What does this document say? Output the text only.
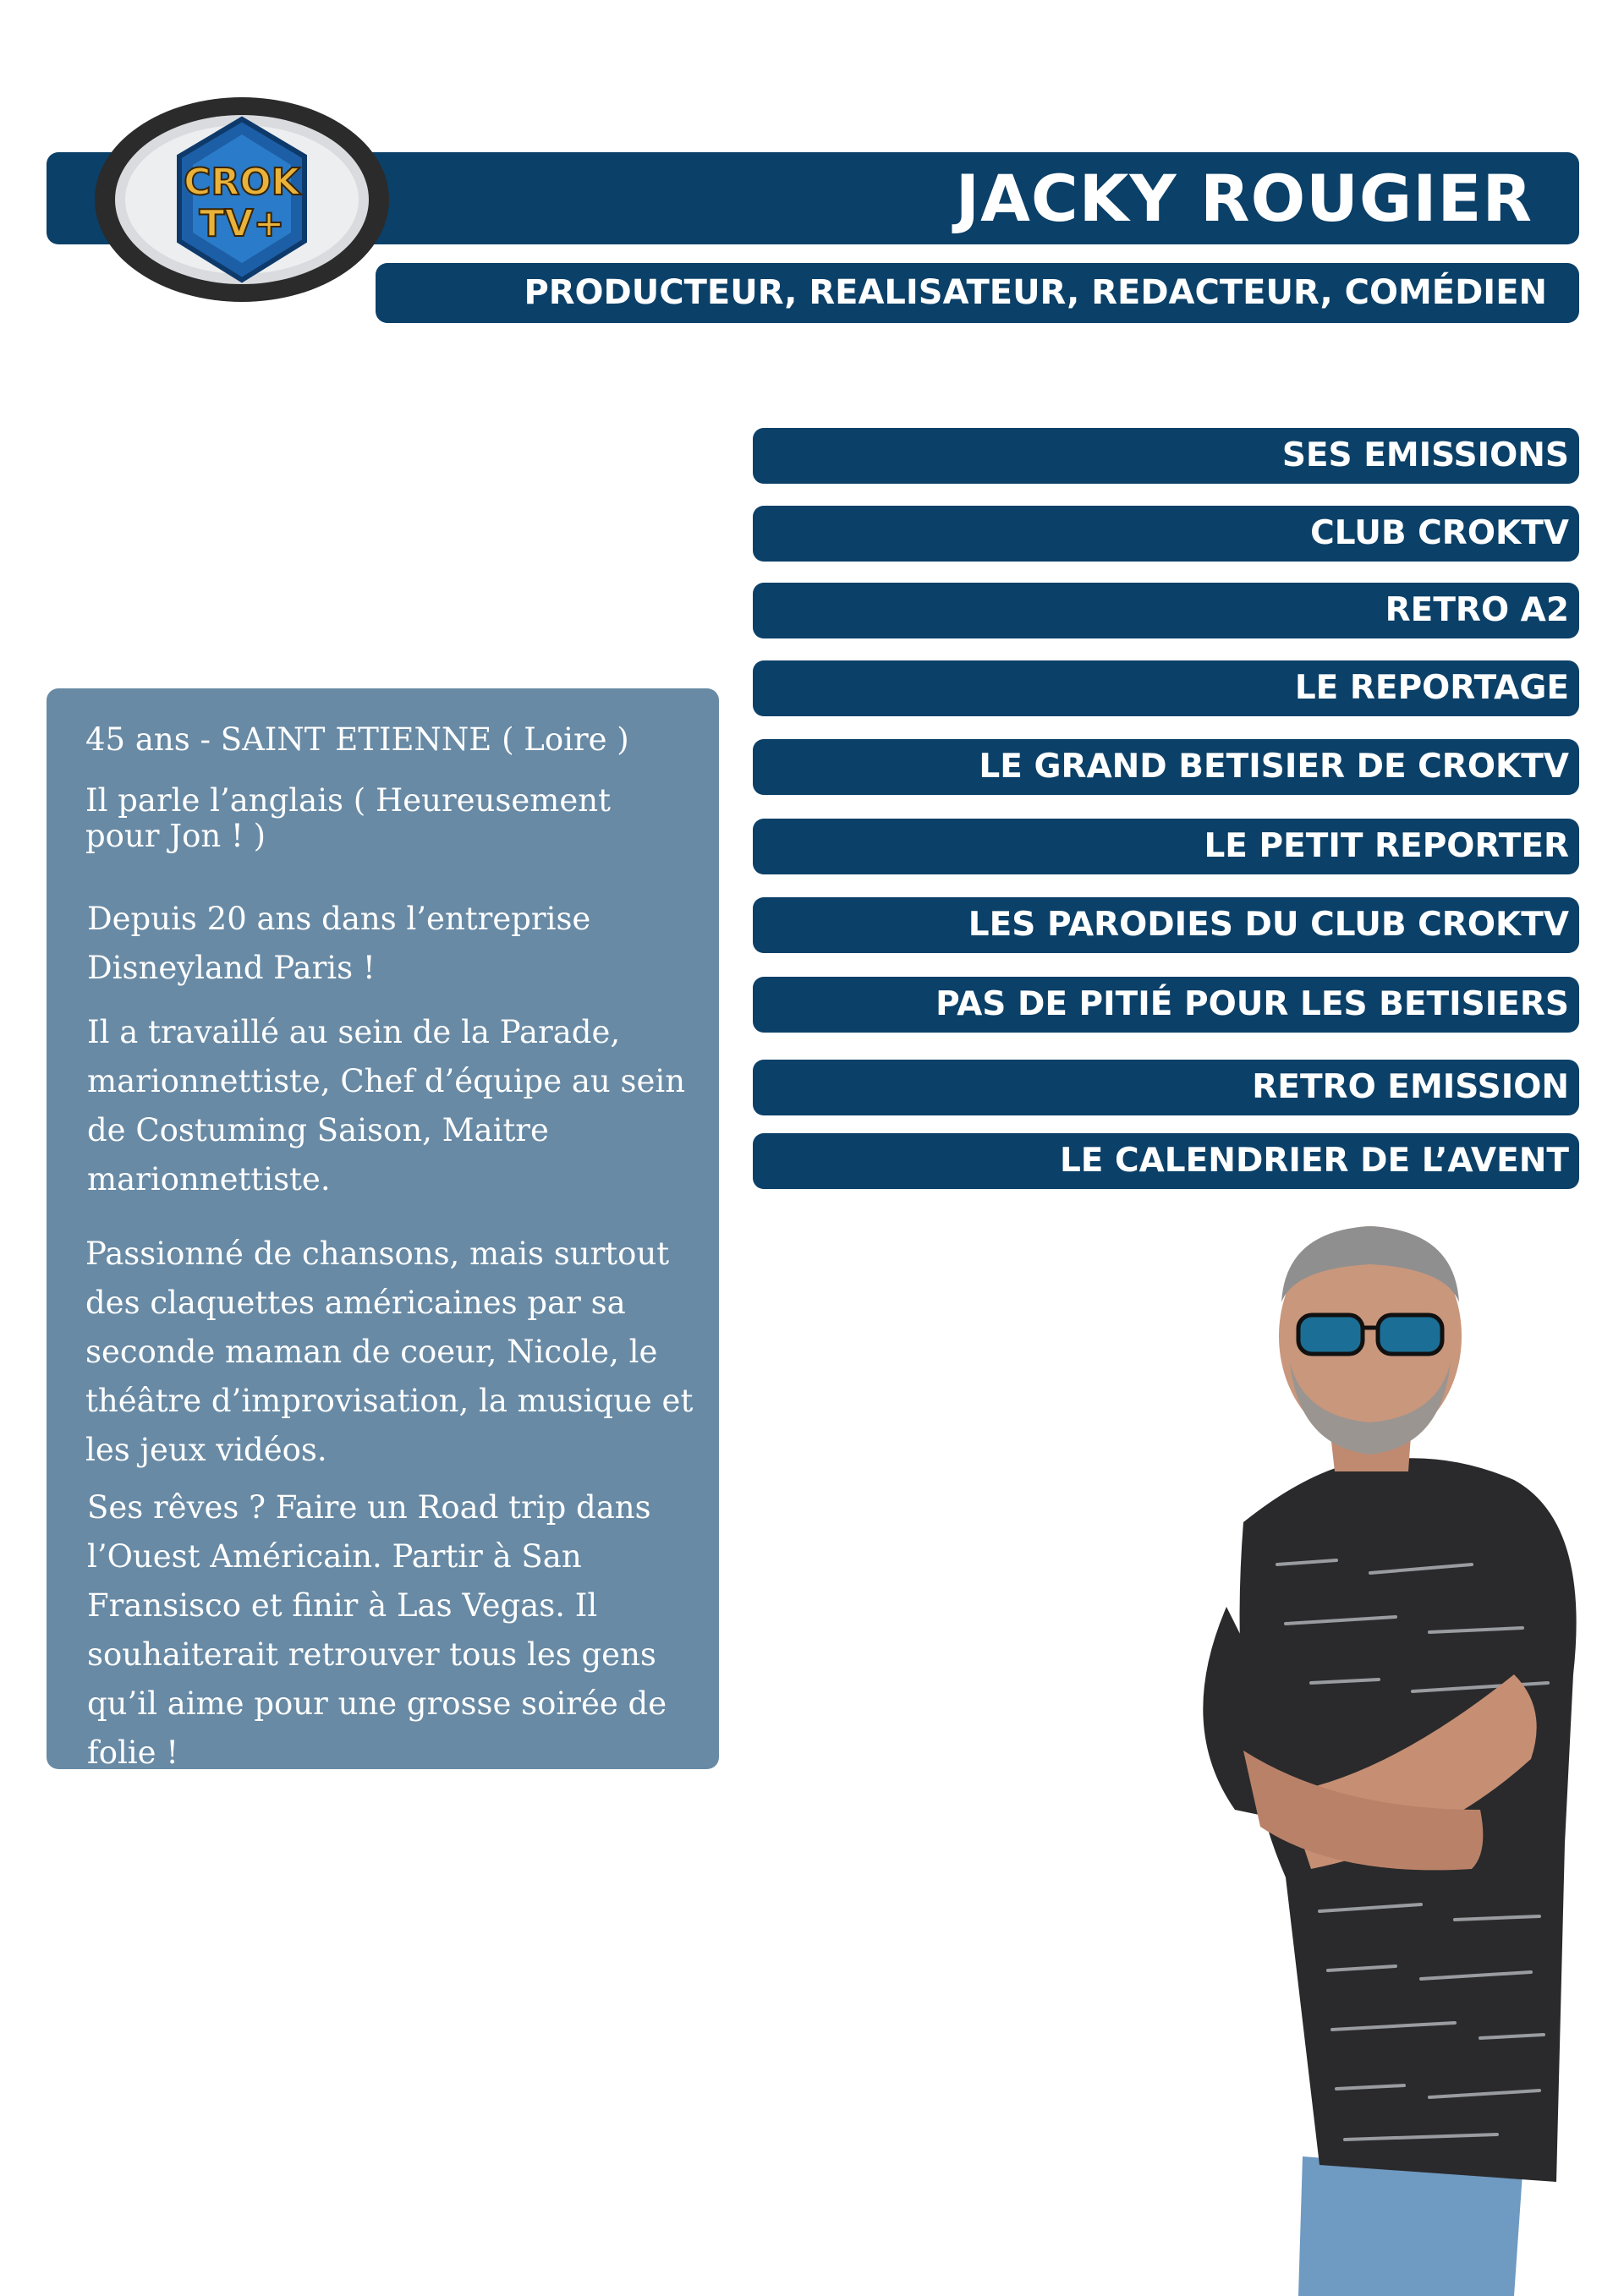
JACKY ROUGIER
CROK
TV+
PRODUCTEUR, REALISATEUR, REDACTEUR, COMÉDIEN
SES EMISSIONS
CLUB CROKTV
RETRO A2
LE REPORTAGE
LE GRAND BETISIER DE CROKTV
LE PETIT REPORTER
LES PARODIES DU CLUB CROKTV
PAS DE PITIÉ POUR LES BETISIERS
RETRO EMISSION
LE CALENDRIER DE L’AVENT

45 ans - SAINT ETIENNE ( Loire )

Il parle l’anglais ( Heureusement pour Jon ! )

Depuis 20 ans dans l’entreprise Disneyland Paris !

Il a travaillé au sein de la Parade, marionnettiste, Chef d’équipe au sein de Costuming Saison, Maitre marionnettiste.

Passionné de chansons, mais surtout des claquettes américaines par sa seconde maman de coeur, Nicole, le théâtre d’improvisation, la musique et les jeux vidéos.

Ses rêves ? Faire un Road trip dans l’Ouest Américain. Partir à San Fransisco et finir à Las Vegas. Il souhaiterait retrouver tous les gens qu’il aime pour une grosse soirée de folie !
